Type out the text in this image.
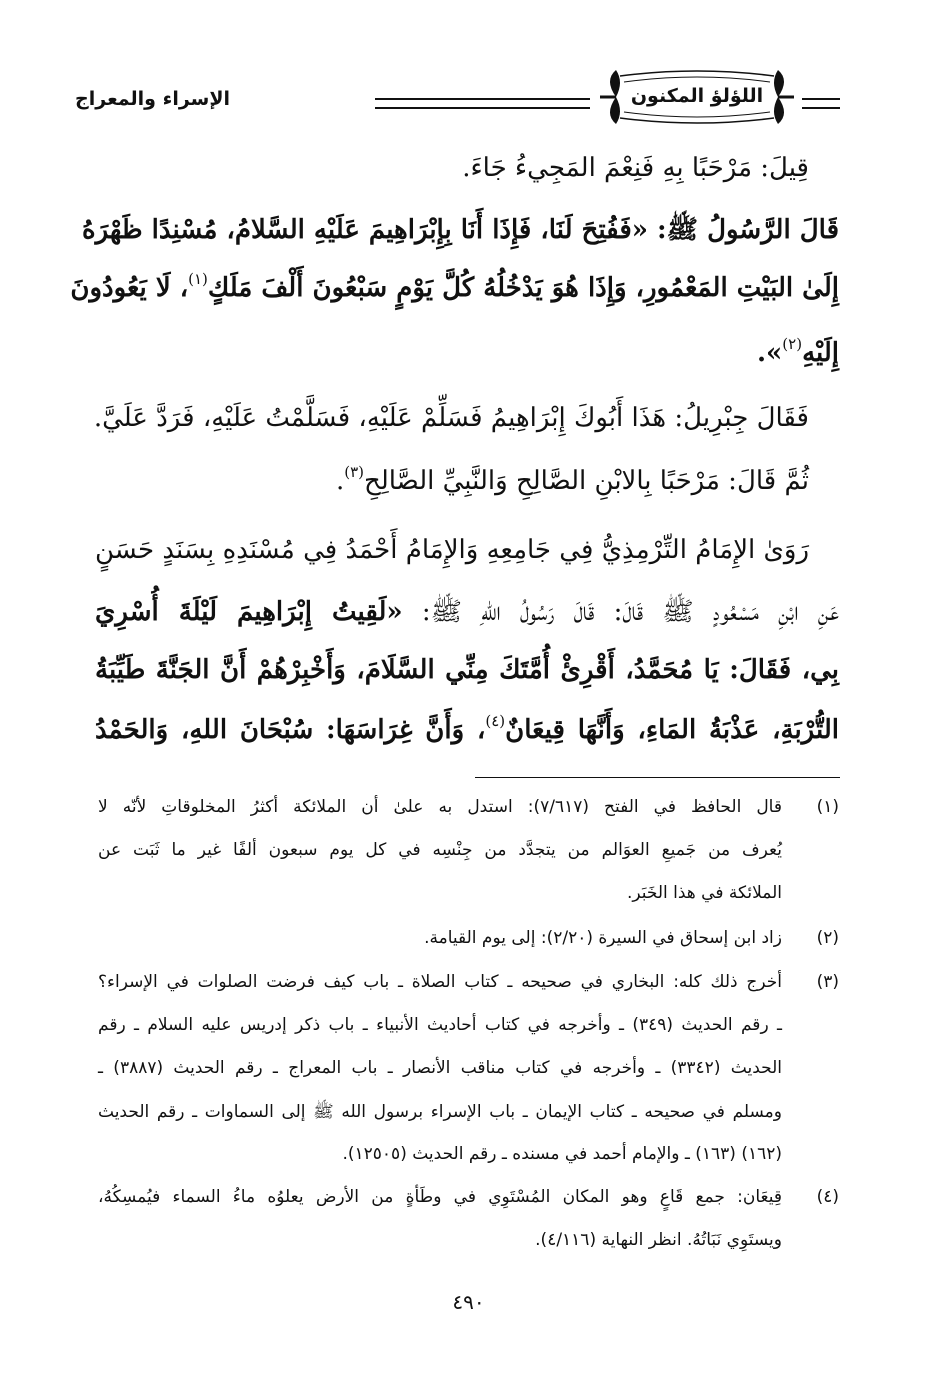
اللؤلؤ المكنون
الإسراء والمعراج
قِيلَ: مَرْحَبًا بِهِ فَنِعْمَ المَجِيءُ جَاءَ.
قَالَ الرَّسُولُ ﷺ: «فَفُتِحَ لَنَا، فَإِذَا أَنَا بِإِبْرَاهِيمَ عَلَيْهِ السَّلامُ، مُسْنِدًا ظَهْرَهُ
إِلَىٰ البَيْتِ المَعْمُورِ، وَإِذَا هُوَ يَدْخُلُهُ كُلَّ يَوْمٍ سَبْعُونَ أَلْفَ مَلَكٍ$^{(١)}$، لَا يَعُودُونَ
إِلَيْهِ$^{(٢)}$».
فَقَالَ جِبْرِيلُ: هَذَا أَبُوكَ إِبْرَاهِيمُ فَسَلِّمْ عَلَيْهِ، فَسَلَّمْتُ عَلَيْهِ، فَرَدَّ عَلَيَّ.
ثُمَّ قَالَ: مَرْحَبًا بِالابْنِ الصَّالِحِ وَالنَّبِيِّ الصَّالِحِ$^{(٣)}$.
رَوَىٰ الإِمَامُ التِّرْمِذِيُّ فِي جَامِعِهِ وَالإِمَامُ أَحْمَدُ فِي مُسْنَدِهِ بِسَنَدٍ حَسَنٍ
عَنِ ابْنِ مَسْعُودٍ ﷺ قَالَ: قَالَ رَسُولُ اللهِ ﷺ: «لَقِيتُ إِبْرَاهِيمَ لَيْلَةَ أُسْرِيَ
بِي، فَقَالَ: يَا مُحَمَّدُ، أَقْرِئْ أُمَّتَكَ مِنِّي السَّلَامَ، وَأَخْبِرْهُمْ أَنَّ الجَنَّةَ طَيِّبَةُ
التُّرْبَةِ، عَذْبَةُ المَاءِ، وَأَنَّهَا قِيعَانٌ$^{(٤)}$، وَأَنَّ غِرَاسَهَا: سُبْحَانَ اللهِ، وَالحَمْدُ
(١)
قال الحافظ في الفتح (٧/٦١٧): استدل به علىٰ أن الملائكة أكثرُ المخلوقاتِ لأنّه لا
يُعرف من جَميعِ العوَالم من يتجدَّد من جِنْسِه في كل يوم سبعون ألفًا غير ما ثَبَت عن
الملائكة في هذا الخَبَر.
(٢)
زاد ابن إسحاق في السيرة (٢/٢٠): إلى يوم القيامة.
(٣)
أخرج ذلك كله: البخاري في صحيحه ـ كتاب الصلاة ـ باب كيف فرضت الصلوات في الإسراء؟
ـ رقم الحديث (٣٤٩) ـ وأخرجه في كتاب أحاديث الأنبياء ـ باب ذكر إدريس عليه السلام ـ رقم
الحديث (٣٣٤٢) ـ وأخرجه في كتاب مناقب الأنصار ـ باب المعراج ـ رقم الحديث (٣٨٨٧) ـ
ومسلم في صحيحه ـ كتاب الإيمان ـ باب الإسراء برسول الله ﷺ إلى السماوات ـ رقم الحديث
(١٦٢) (١٦٣) ـ والإمام أحمد في مسنده ـ رقم الحديث (١٢٥٠٥).
(٤)
قِيعَان: جمع قَاعٍ وهو المكان المُسْتَوِي في وطَأةٍ من الأرض يعلوُه ماءُ السماء فيُمسِكُهُ،
ويستَوِي نَبَاتُهُ. انظر النهاية (٤/١١٦).
٤٩٠
